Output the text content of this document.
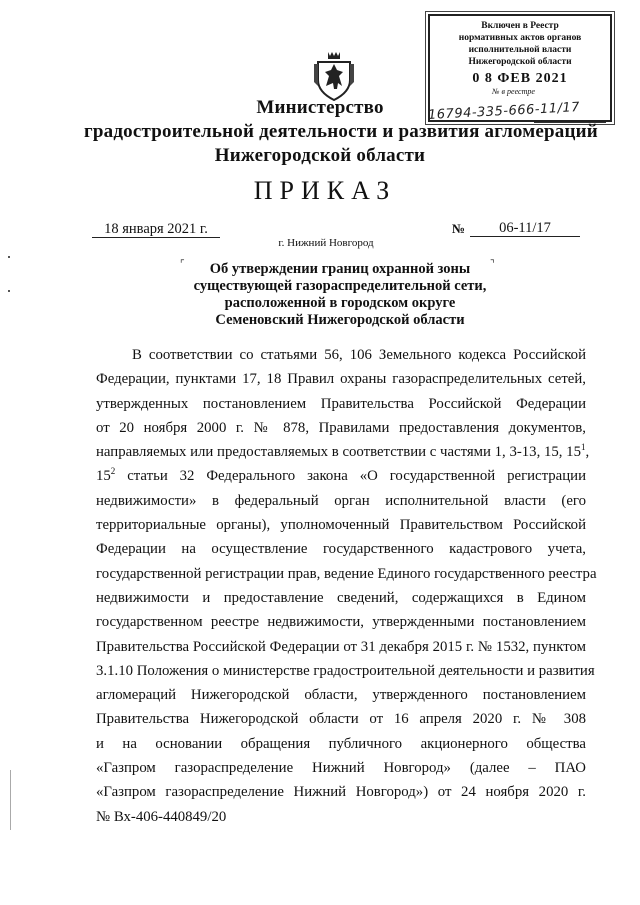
Включен в Реестр
нормативных актов органов
исполнительной власти
Нижегородской области
0 8 ФЕВ 2021
№ в реестре
16794-335-666-11/17
Министерство
градостроительной деятельности и развития агломераций
Нижегородской области
ПРИКАЗ
18 января 2021 г.	№	06-11/17
г. Нижний Новгород
⌜	⌝
Об утверждении границ охранной зоны
существующей газораспределительной сети,
расположенной в городском округе
Семеновский Нижегородской области
В соответствии со статьями 56, 106 Земельного кодекса Российской
Федерации, пунктами 17, 18 Правил охраны газораспределительных сетей,
утвержденных постановлением Правительства Российской Федерации
от 20 ноября 2000 г. № 878, Правилами предоставления документов,
направляемых или предоставляемых в соответствии с частями 1, 3-13, 15, $15^1$,
$15^2$ статьи 32 Федерального закона «О государственной регистрации
недвижимости» в федеральный орган исполнительной власти (его
территориальные органы), уполномоченный Правительством Российской
Федерации на осуществление государственного кадастрового учета,
государственной регистрации прав, ведение Единого государственного реестра
недвижимости и предоставление сведений, содержащихся в Едином
государственном реестре недвижимости, утвержденными постановлением
Правительства Российской Федерации от 31 декабря 2015 г. № 1532, пунктом
3.1.10 Положения о министерстве градостроительной деятельности и развития
агломераций Нижегородской области, утвержденного постановлением
Правительства Нижегородской области от 16 апреля 2020 г. № 308
и на основании обращения публичного акционерного общества
«Газпром газораспределение Нижний Новгород» (далее – ПАО
«Газпром газораспределение Нижний Новгород») от 24 ноября 2020 г.
№ Вх-406-440849/20
